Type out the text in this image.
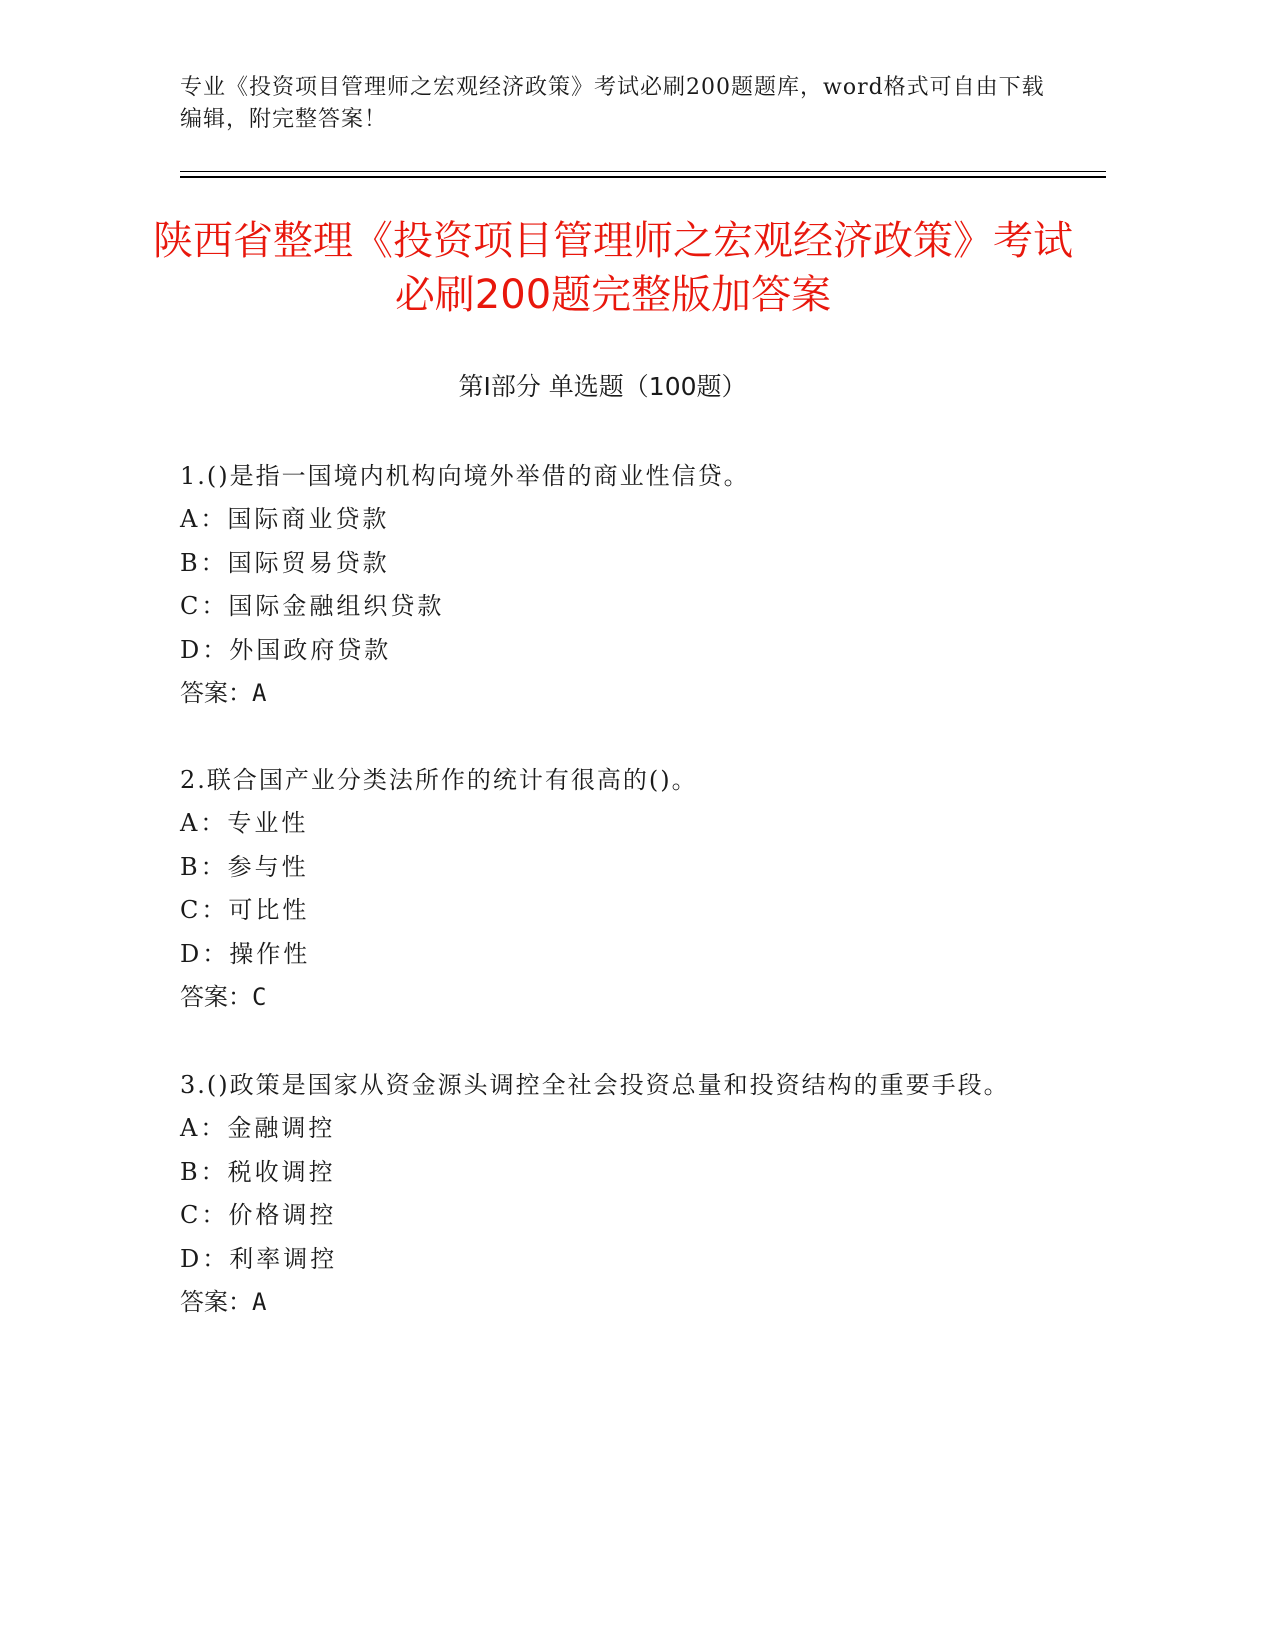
专业《投资项目管理师之宏观经济政策》考试必刷200题题库，word格式可自由下载编辑，附完整答案！
陕西省整理《投资项目管理师之宏观经济政策》考试必刷200题完整版加答案
第Ⅰ部分 单选题（100题）

1.()是指一国境内机构向境外举借的商业性信贷。

A：国际商业贷款

B：国际贸易贷款

C：国际金融组织贷款

D：外国政府贷款

答案：A

2.联合国产业分类法所作的统计有很高的()。

A：专业性

B：参与性

C：可比性

D：操作性

答案：C

3.()政策是国家从资金源头调控全社会投资总量和投资结构的重要手段。

A：金融调控

B：税收调控

C：价格调控

D：利率调控

答案：A
